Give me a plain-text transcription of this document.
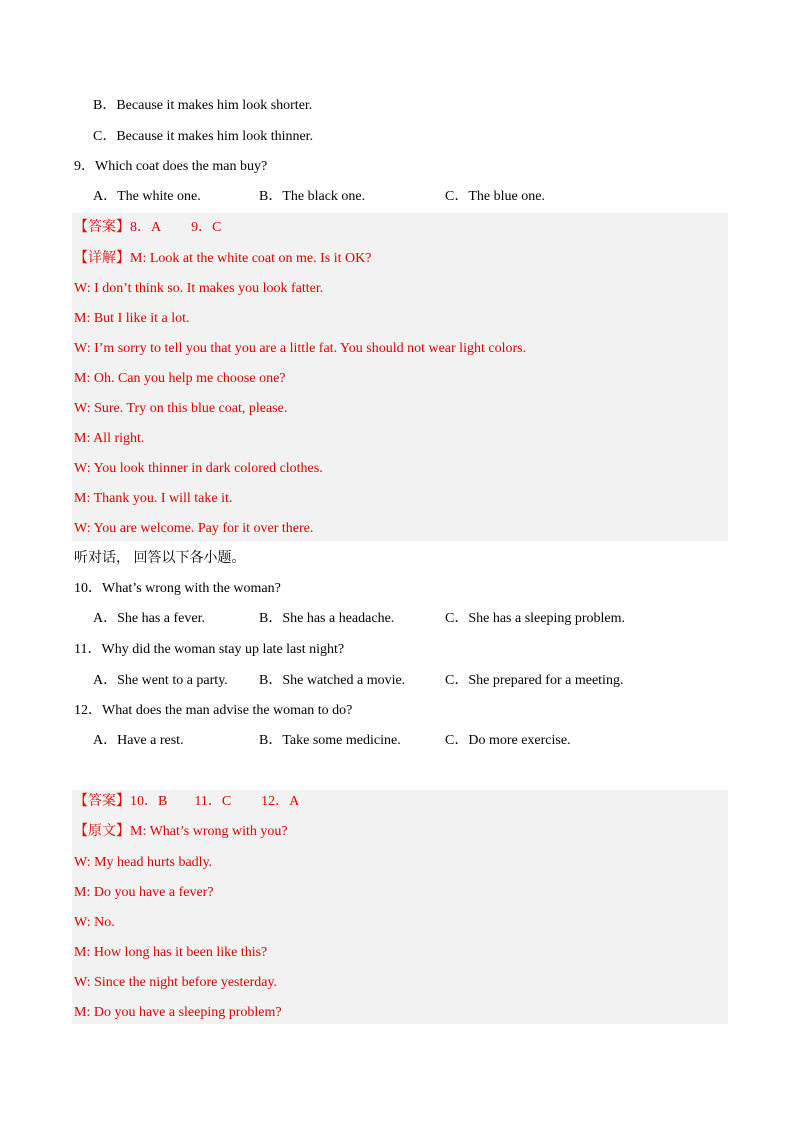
B．Because it makes him look shorter.
C．Because it makes him look thinner.
9．Which coat does the man buy?
A．The white one.	B．The black one.	C．The blue one.
【答案】8．A 9．C
【详解】M: Look at the white coat on me. Is it OK?
W: I don’t think so. It makes you look fatter.
M: But I like it a lot.
W: I’m sorry to tell you that you are a little fat. You should not wear light colors.
M: Oh. Can you help me choose one?
W: Sure. Try on this blue coat, please.
M: All right.
W: You look thinner in dark colored clothes.
M: Thank you. I will take it.
W: You are welcome. Pay for it over there.
听对话， 回答以下各小题。
10．What’s wrong with the woman?
A．She has a fever.	B．She has a headache.	C．She has a sleeping problem.
11．Why did the woman stay up late last night?
A．She went to a party. B．She watched a movie.	C．She prepared for a meeting.
12．What does the man advise the woman to do?
A．Have a rest.	B．Take some medicine.	C．Do more exercise.
【答案】10．B 11．C 12．A
【原文】M: What’s wrong with you?
W: My head hurts badly.
M: Do you have a fever?
W: No.
M: How long has it been like this?
W: Since the night before yesterday.
M: Do you have a sleeping problem?
